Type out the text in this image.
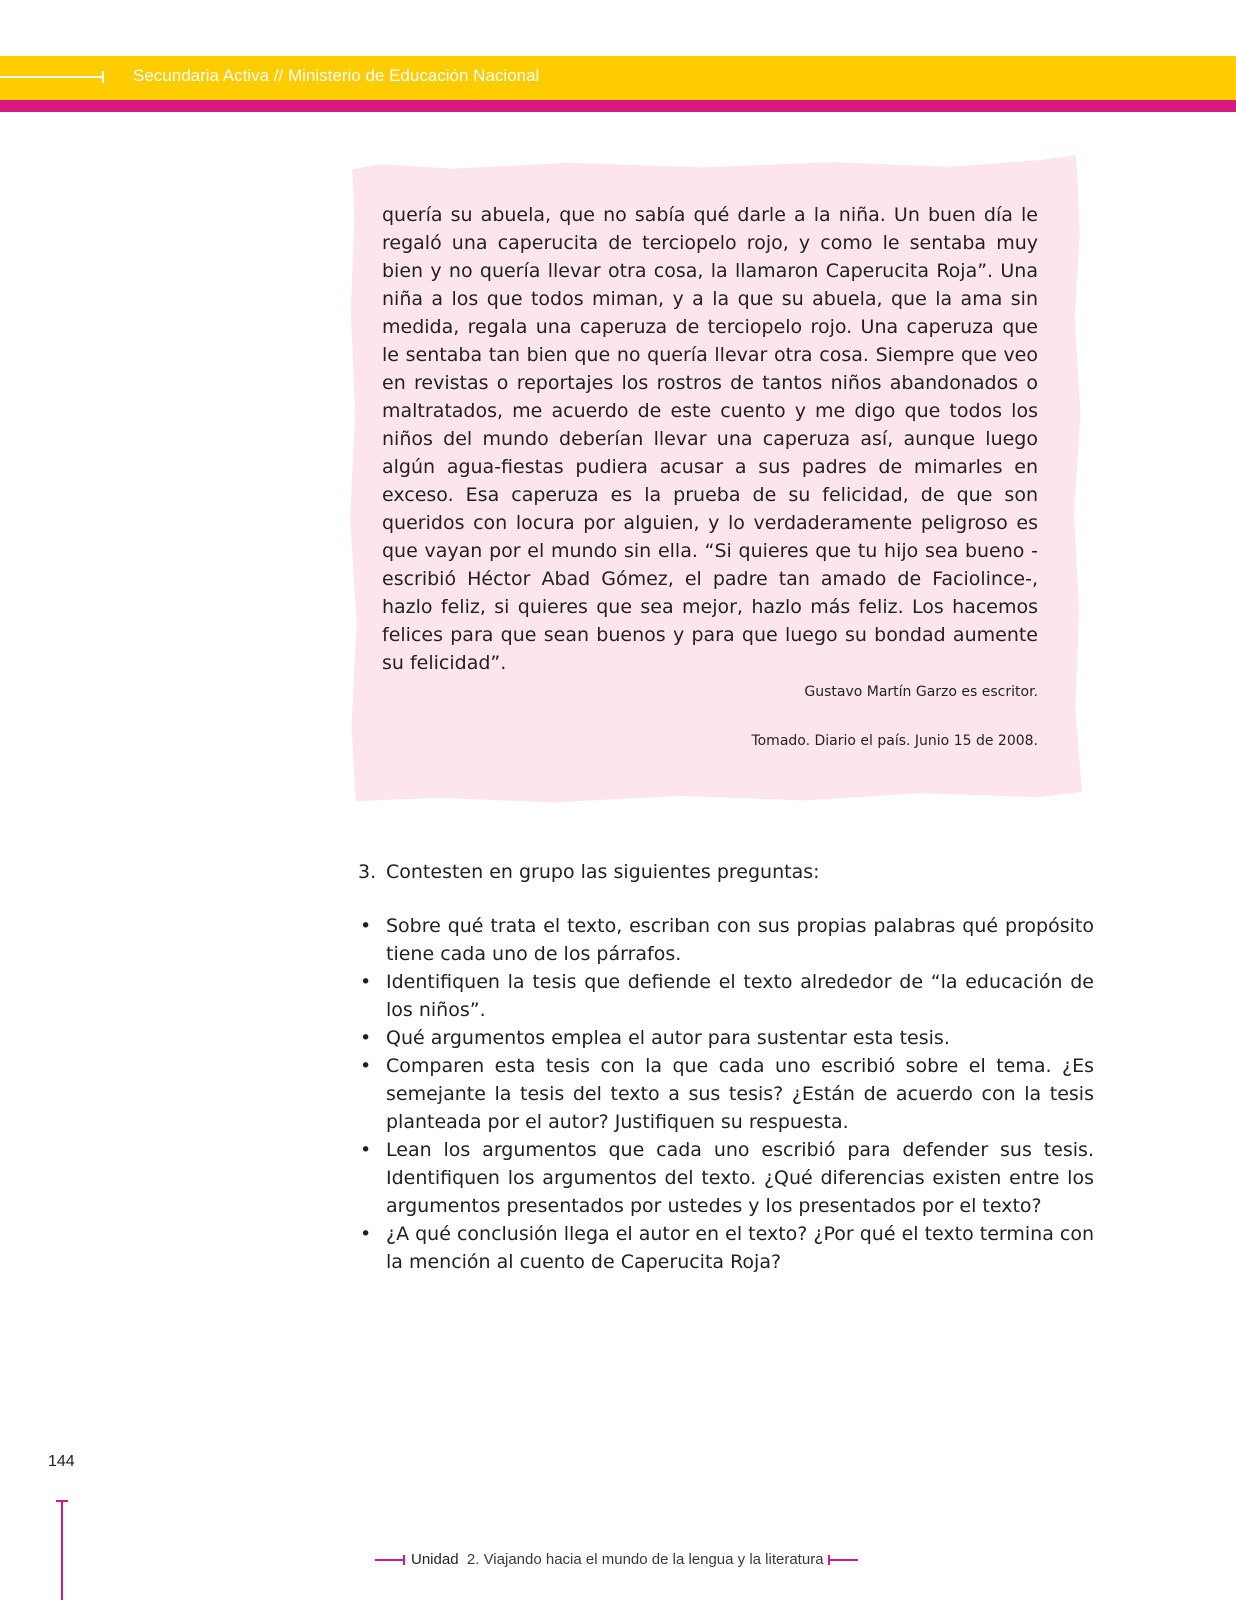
Secundaria Activa // Ministerio de Educación Nacional

quería su abuela, que no sabía qué darle a la niña. Un buen día le regaló una caperucita de terciopelo rojo, y como le sentaba muy bien y no quería llevar otra cosa, la llamaron Caperucita Roja”. Una niña a los que todos miman, y a la que su abuela, que la ama sin medida, regala una caperuza de terciopelo rojo. Una caperuza que le sentaba tan bien que no quería llevar otra cosa. Siempre que veo en revistas o reportajes los rostros de tantos niños abandonados o maltratados, me acuerdo de este cuento y me digo que todos los niños del mundo deberían llevar una caperuza así, aunque luego algún agua-fiestas pudiera acusar a sus padres de mimarles en exceso. Esa caperuza es la prueba de su felicidad, de que son queridos con locura por alguien, y lo verdaderamente peligroso es que vayan por el mundo sin ella. “Si quieres que tu hijo sea bueno -escribió Héctor Abad Gómez, el padre tan amado de Faciolince-, hazlo feliz, si quieres que sea mejor, hazlo más feliz. Los hacemos felices para que sean buenos y para que luego su bondad aumente su felicidad”.

Gustavo Martín Garzo es escritor.
Tomado. Diario el país. Junio 15 de 2008.
3. Contesten en grupo las siguientes preguntas:
• Sobre qué trata el texto, escriban con sus propias palabras qué propósito tiene cada uno de los párrafos.
• Identifiquen la tesis que defiende el texto alrededor de “la educación de los niños”.
• Qué argumentos emplea el autor para sustentar esta tesis.
• Comparen esta tesis con la que cada uno escribió sobre el tema. ¿Es semejante la tesis del texto a sus tesis? ¿Están de acuerdo con la tesis planteada por el autor? Justifiquen su respuesta.
• Lean los argumentos que cada uno escribió para defender sus tesis. Identifiquen los argumentos del texto. ¿Qué diferencias existen entre los argumentos presentados por ustedes y los presentados por el texto?
• ¿A qué conclusión llega el autor en el texto? ¿Por qué el texto termina con la mención al cuento de Caperucita Roja?
144
Unidad 2. Viajando hacia el mundo de la lengua y la literatura
